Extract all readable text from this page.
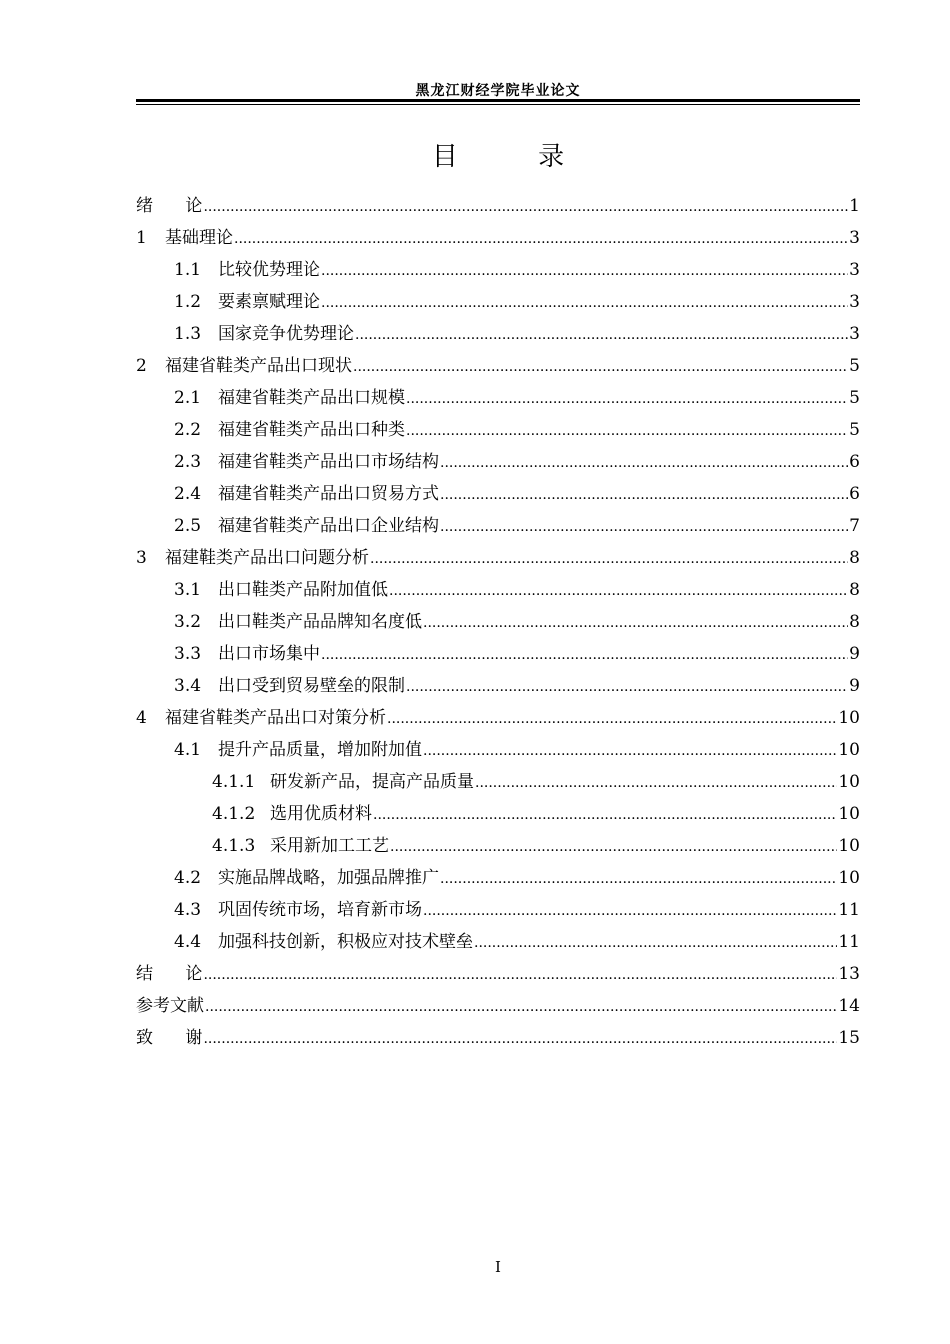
黑龙江财经学院毕业论文
目 录
绪      论 .....	1
1	基础理论 .....	3
1.1 比较优势理论 .....	3
1.2 要素禀赋理论 .....	3
1.3 国家竞争优势理论 .....	3
2	福建省鞋类产品出口现状 .....	5
2.1 福建省鞋类产品出口规模 .....	5
2.2 福建省鞋类产品出口种类 .....	5
2.3 福建省鞋类产品出口市场结构 .....	6
2.4 福建省鞋类产品出口贸易方式 .....	6
2.5 福建省鞋类产品出口企业结构 .....	7
3	福建鞋类产品出口问题分析 .....	8
3.1 出口鞋类产品附加值低 .....	8
3.2 出口鞋类产品品牌知名度低 .....	8
3.3 出口市场集中 .....	9
3.4 出口受到贸易壁垒的限制 .....	9
4	福建省鞋类产品出口对策分析 .....	10
4.1 提升产品质量，增加附加值 .....	10
4.1.1 研发新产品，提高产品质量 .....	10
4.1.2 选用优质材料 .....	10
4.1.3 采用新加工工艺 .....	10
4.2 实施品牌战略，加强品牌推广 .....	10
4.3 巩固传统市场，培育新市场 .....	11
4.4 加强科技创新，积极应对技术壁垒 .....	11
结      论 .....	13
参考文献 .....	14
致      谢 .....	15
I
